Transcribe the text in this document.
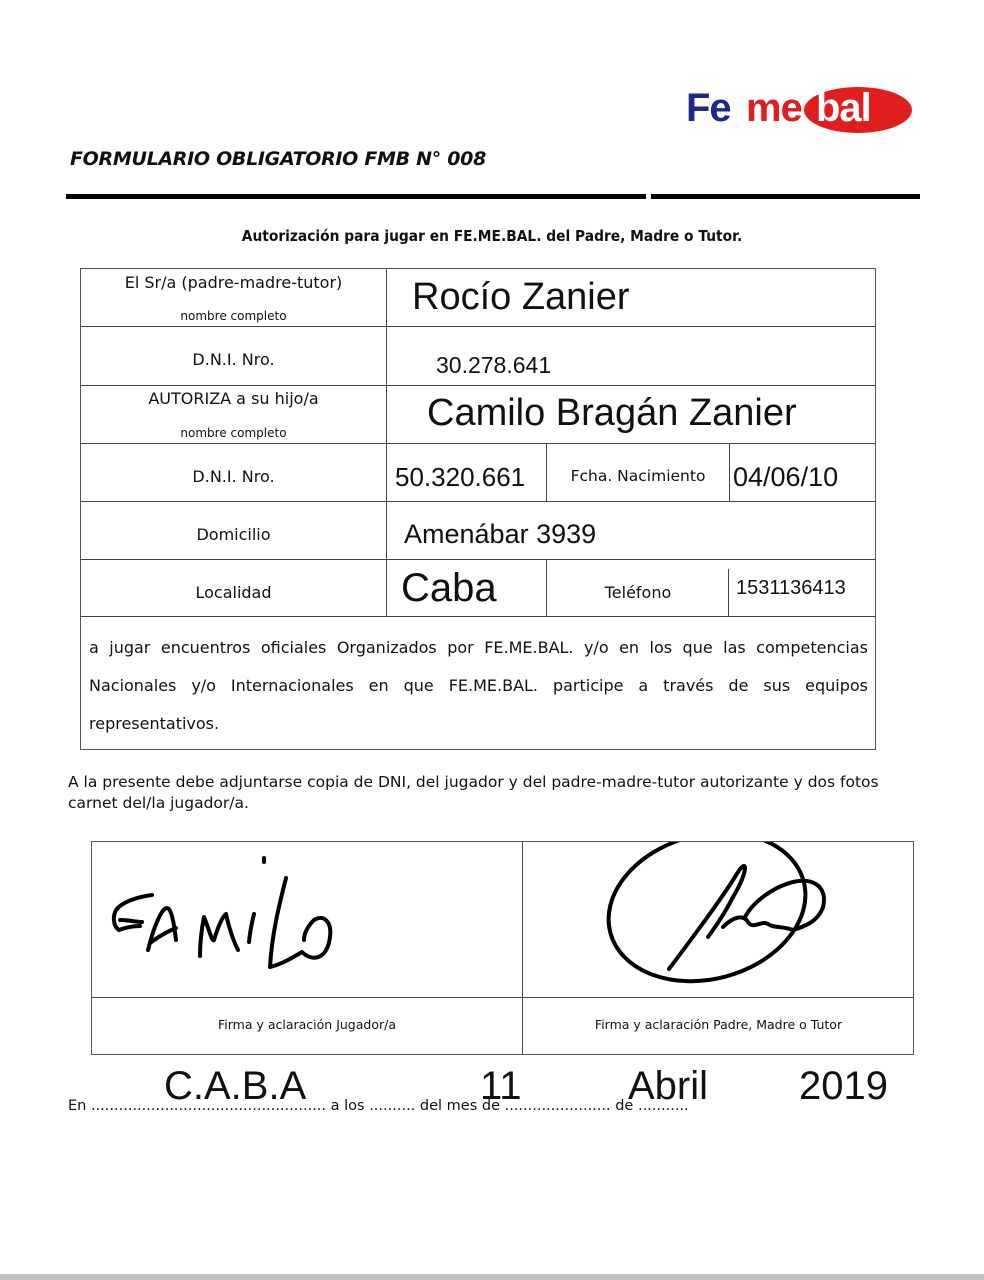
Fe me bal
FORMULARIO OBLIGATORIO FMB N° 008
Autorización para jugar en FE.ME.BAL. del Padre, Madre o Tutor.
El Sr/a (padre-madre-tutor)
nombre completo	Rocío Zanier
D.N.I. Nro.	30.278.641
AUTORIZA a su hijo/a
nombre completo	Camilo Bragán Zanier
D.N.I. Nro.	50.320.661	Fcha. Nacimiento	04/06/10
Domicilio	Amenábar 3939
Localidad	Caba	Teléfono	1531136413
a jugar encuentros oficiales Organizados por FE.ME.BAL. y/o en los que las competencias Nacionales y/o Internacionales en que FE.ME.BAL. participe a través de sus equipos representativos.
A la presente debe adjuntarse copia de DNI, del jugador y del padre-madre-tutor autorizante y dos fotos carnet del/la jugador/a.
Firma y aclaración Jugador/a	Firma y aclaración Padre, Madre o Tutor
En ................................................... a los .......... del mes de ....................... de ...........
C.A.B.A	11	Abril 2019
